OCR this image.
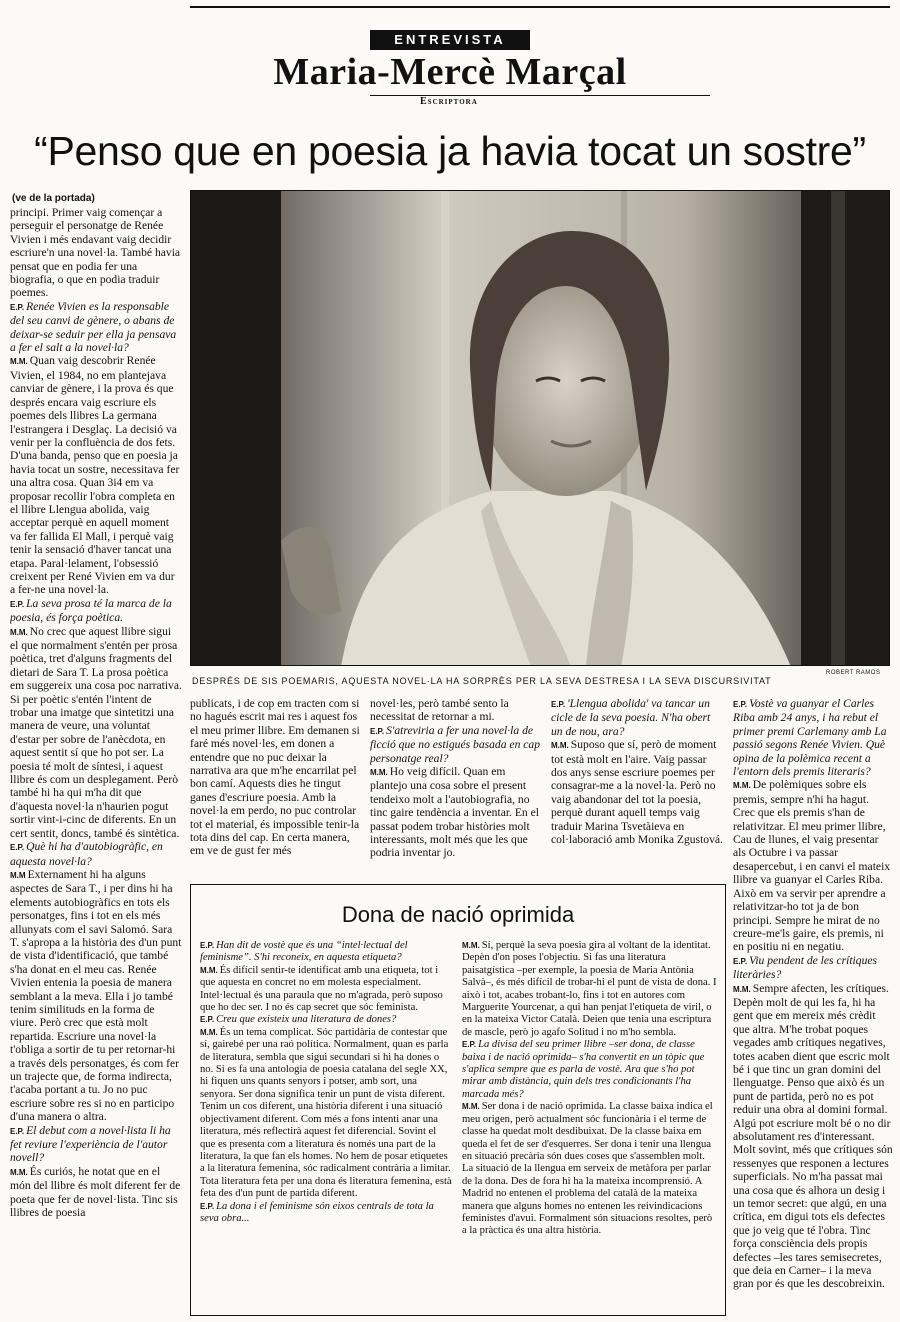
ENTREVISTA
Maria-Mercè Marçal
Escriptora
“Penso que en poesia ja havia tocat un sostre”
(ve de la portada)

principi. Primer vaig començar a perseguir el personatge de Renée Vivien i més endavant vaig decidir escriure'n una novel·la. També havia pensat que en podia fer una biografia, o que en podia traduir poemes.

E.P. Renée Vivien es la responsable del seu canvi de gènere, o abans de deixar-se seduir per ella ja pensava a fer el salt a la novel·la?

M.M. Quan vaig descobrir Renée Vivien, el 1984, no em plantejava canviar de gènere, i la prova és que després encara vaig escriure els poemes dels llibres La germana l'estrangera i Desglaç. La decisió va venir per la confluència de dos fets. D'una banda, penso que en poesia ja havia tocat un sostre, necessitava fer una altra cosa. Quan 3i4 em va proposar recollir l'obra completa en el llibre Llengua abolida, vaig acceptar perquè en aquell moment va fer fallida El Mall, i perquè vaig tenir la sensació d'haver tancat una etapa. Paral·lelament, l'obsessió creixent per René Vivien em va dur a fer-ne una novel·la.

E.P. La seva prosa té la marca de la poesia, és força poètica.

M.M. No crec que aquest llibre sigui el que normalment s'entén per prosa poètica, tret d'alguns fragments del dietari de Sara T. La prosa poètica em suggereix una cosa poc narrativa. Si per poètic s'entén l'intent de trobar una imatge que sintetitzi una manera de veure, una voluntat d'estar per sobre de l'anècdota, en aquest sentit sí que ho pot ser. La poesia té molt de síntesi, i aquest llibre és com un desplegament. Però també hi ha qui m'ha dit que d'aquesta novel·la n'haurien pogut sortir vint-i-cinc de diferents. En un cert sentit, doncs, també és sintètica.

E.P. Què hi ha d'autobiogràfic, en aquesta novel·la?

M.M Externament hi ha alguns aspectes de Sara T., i per dins hi ha elements autobiogràfics en tots els personatges, fins i tot en els més allunyats com el savi Salomó. Sara T. s'apropa a la història des d'un punt de vista d'identificació, que també s'ha donat en el meu cas. Renée Vivien entenia la poesia de manera semblant a la meva. Ella i jo també tenim similituds en la forma de viure. Però crec que està molt repartida. Escriure una novel·la t'obliga a sortir de tu per retornar-hi a través dels personatges, és com fer un trajecte que, de forma indirecta, t'acaba portant a tu. Jo no puc escriure sobre res si no en participo d'una manera o altra.

E.P. El debut com a novel·lista li ha fet reviure l'experiència de l'autor novell?

M.M. És curiós, he notat que en el món del llibre és molt diferent fer de poeta que fer de novel·lista. Tinc sis llibres de poesia

ROBERT RAMOS
DESPRÉS DE SIS POEMARIS, AQUESTA NOVEL·LA HA SORPRÈS PER LA SEVA DESTRESA I LA SEVA DISCURSIVITAT

publicats, i de cop em tracten com si no hagués escrit mai res i aquest fos el meu primer llibre. Em demanen si faré més novel·les, em donen a entendre que no puc deixar la narrativa ara que m'he encarrilat pel bon camí. Aquests dies he tingut ganes d'escriure poesia. Amb la novel·la em perdo, no puc controlar tot el material, és impossible tenir-la tota dins del cap. En certa manera, em ve de gust fer més

novel·les, però també sento la necessitat de retornar a mi.

E.P. S'atreviria a fer una novel·la de ficció que no estigués basada en cap personatge real?

M.M. Ho veig difícil. Quan em plantejo una cosa sobre el present tendeixo molt a l'autobiografia, no tinc gaire tendència a inventar. En el passat podem trobar històries molt interessants, molt més que les que podria inventar jo.

E.P. 'Llengua abolida' va tancar un cicle de la seva poesia. N'ha obert un de nou, ara?

M.M. Suposo que sí, però de moment tot està molt en l'aire. Vaig passar dos anys sense escriure poemes per consagrar-me a la novel·la. Però no vaig abandonar del tot la poesia, perquè durant aquell temps vaig traduir Marina Tsvetàieva en col·laboració amb Monika Zgustová.

E.P. Vostè va guanyar el Carles Riba amb 24 anys, i ha rebut el primer premi Carlemany amb La passió segons Renée Vivien. Què opina de la polèmica recent a l'entorn dels premis literaris?

M.M. De polèmiques sobre els premis, sempre n'hi ha hagut. Crec que els premis s'han de relativitzar. El meu primer llibre, Cau de llunes, el vaig presentar als Octubre i va passar desapercebut, i en canvi el mateix llibre va guanyar el Carles Riba. Això em va servir per aprendre a relativitzar-ho tot ja de bon principi. Sempre he mirat de no creure-me'ls gaire, els premis, ni en positiu ni en negatiu.

E.P. Viu pendent de les crítiques literàries?

M.M. Sempre afecten, les crítiques. Depèn molt de qui les fa, hi ha gent que em mereix més crèdit que altra. M'he trobat poques vegades amb crítiques negatives, totes acaben dient que escric molt bé i que tinc un gran domini del llenguatge. Penso que això és un punt de partida, però no es pot reduir una obra al domini formal. Algú pot escriure molt bé o no dir absolutament res d'interessant. Molt sovint, més que crítiques són ressenyes que responen a lectures superficials. No m'ha passat mai una cosa que és alhora un desig i un temor secret: que algú, en una crítica, em digui tots els defectes que jo veig que té l'obra. Tinc força consciència dels propis defectes –les tares semisecretes, que deia en Carner– i la meva gran por és que les descobreixin.

Dona de nació oprimida

E.P. Han dit de vostè que és una “intel·lectual del feminisme”. S'hi reconeix, en aquesta etiqueta?

M.M. És difícil sentir-te identificat amb una etiqueta, tot i que aquesta en concret no em molesta especialment. Intel·lectual és una paraula que no m'agrada, però suposo que ho dec ser. I no és cap secret que sóc feminista.

E.P. Creu que existeix una literatura de dones?

M.M. És un tema complicat. Sóc partidària de contestar que sí, gairebé per una raó política. Normalment, quan es parla de literatura, sembla que sigui secundari si hi ha dones o no. Si es fa una antologia de poesia catalana del segle XX, hi fiquen uns quants senyors i potser, amb sort, una senyora. Ser dona significa tenir un punt de vista diferent. Tenim un cos diferent, una història diferent i una situació objectivament diferent. Com més a fons intenti anar una literatura, més reflectirà aquest fet diferencial. Sovint el que es presenta com a literatura és només una part de la literatura, la que fan els homes. No hem de posar etiquetes a la literatura femenina, sóc radicalment contrària a limitar. Tota literatura feta per una dona és literatura femenina, està feta des d'un punt de partida diferent.

E.P. La dona i el feminisme són eixos centrals de tota la seva obra...

M.M. Sí, perquè la seva poesia gira al voltant de la identitat. Depèn d'on poses l'objectiu. Si fas una literatura paisatgística –per exemple, la poesia de Maria Antònia Salvà–, és més difícil de trobar-hi el punt de vista de dona. I això i tot, acabes trobant-lo, fins i tot en autores com Marguerite Yourcenar, a qui han penjat l'etiqueta de viril, o en la mateixa Victor Català. Deien que tenia una escriptura de mascle, però jo agafo Solitud i no m'ho sembla.

E.P. La divisa del seu primer llibre –ser dona, de classe baixa i de nació oprimida– s'ha convertit en un tòpic que s'aplica sempre que es parla de vostè. Ara que s'ho pot mirar amb distància, quin dels tres condicionants l'ha marcada més?

M.M. Ser dona i de nació oprimida. La classe baixa indica el meu origen, però actualment sóc funcionària i el terme de classe ha quedat molt desdibuixat. De la classe baixa em queda el fet de ser d'esquerres. Ser dona i tenir una llengua en situació precària són dues coses que s'assemblen molt. La situació de la llengua em serveix de metàfora per parlar de la dona. Des de fora hi ha la mateixa incomprensió. A Madrid no entenen el problema del català de la mateixa manera que alguns homes no entenen les reivindicacions feministes d'avui. Formalment són situacions resoltes, però a la pràctica és una altra història.
